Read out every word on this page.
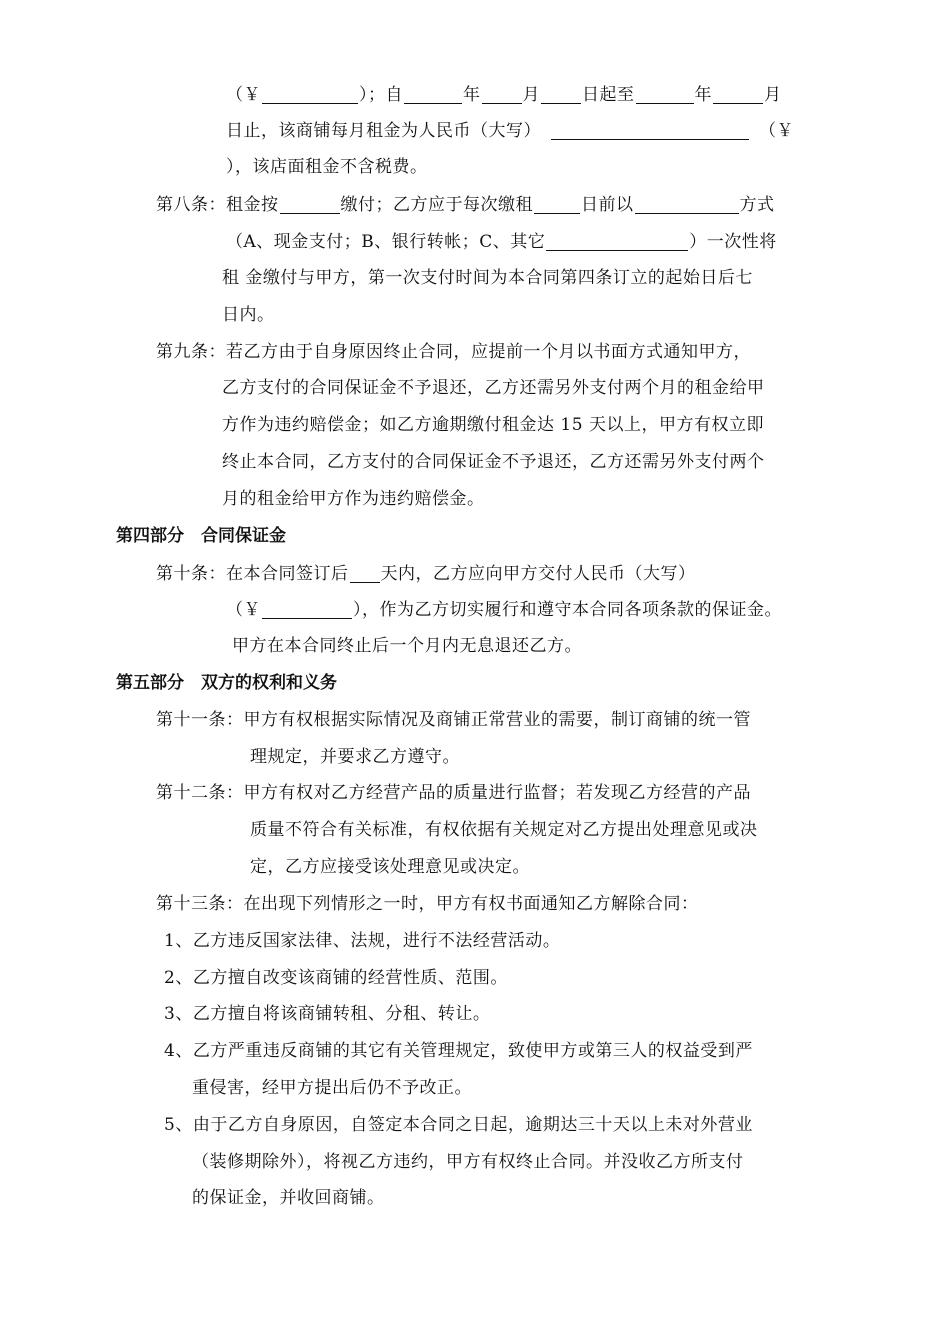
（￥	）；自	年 月 日起至	年	月
日止，该商铺每月租金为人民币（大写）	（￥
），该店面租金不含税费。
第八条：租金按	缴付；乙方应于每次缴租	日前以	方式
（A、现金支付；B、银行转帐；C、其它	）一次性将
租 金缴付与甲方，第一次支付时间为本合同第四条订立的起始日后七
日内。
第九条：若乙方由于自身原因终止合同，应提前一个月以书面方式通知甲方，
乙方支付的合同保证金不予退还，乙方还需另外支付两个月的租金给甲
方作为违约赔偿金；如乙方逾期缴付租金达 15 天以上，甲方有权立即
终止本合同，乙方支付的合同保证金不予退还，乙方还需另外支付两个
月的租金给甲方作为违约赔偿金。
第四部分　合同保证金
第十条：在本合同签订后 天内，乙方应向甲方交付人民币（大写）
（￥	），作为乙方切实履行和遵守本合同各项条款的保证金。
甲方在本合同终止后一个月内无息退还乙方。
第五部分　双方的权利和义务
第十一条：甲方有权根据实际情况及商铺正常营业的需要，制订商铺的统一管
理规定，并要求乙方遵守。
第十二条：甲方有权对乙方经营产品的质量进行监督；若发现乙方经营的产品
质量不符合有关标准，有权依据有关规定对乙方提出处理意见或决
定，乙方应接受该处理意见或决定。
第十三条：在出现下列情形之一时，甲方有权书面通知乙方解除合同：
1、乙方违反国家法律、法规，进行不法经营活动。
2、乙方擅自改变该商铺的经营性质、范围。
3、乙方擅自将该商铺转租、分租、转让。
4、乙方严重违反商铺的其它有关管理规定，致使甲方或第三人的权益受到严
重侵害，经甲方提出后仍不予改正。
5、由于乙方自身原因，自签定本合同之日起，逾期达三十天以上未对外营业
（装修期除外），将视乙方违约，甲方有权终止合同。并没收乙方所支付
的保证金，并收回商铺。
